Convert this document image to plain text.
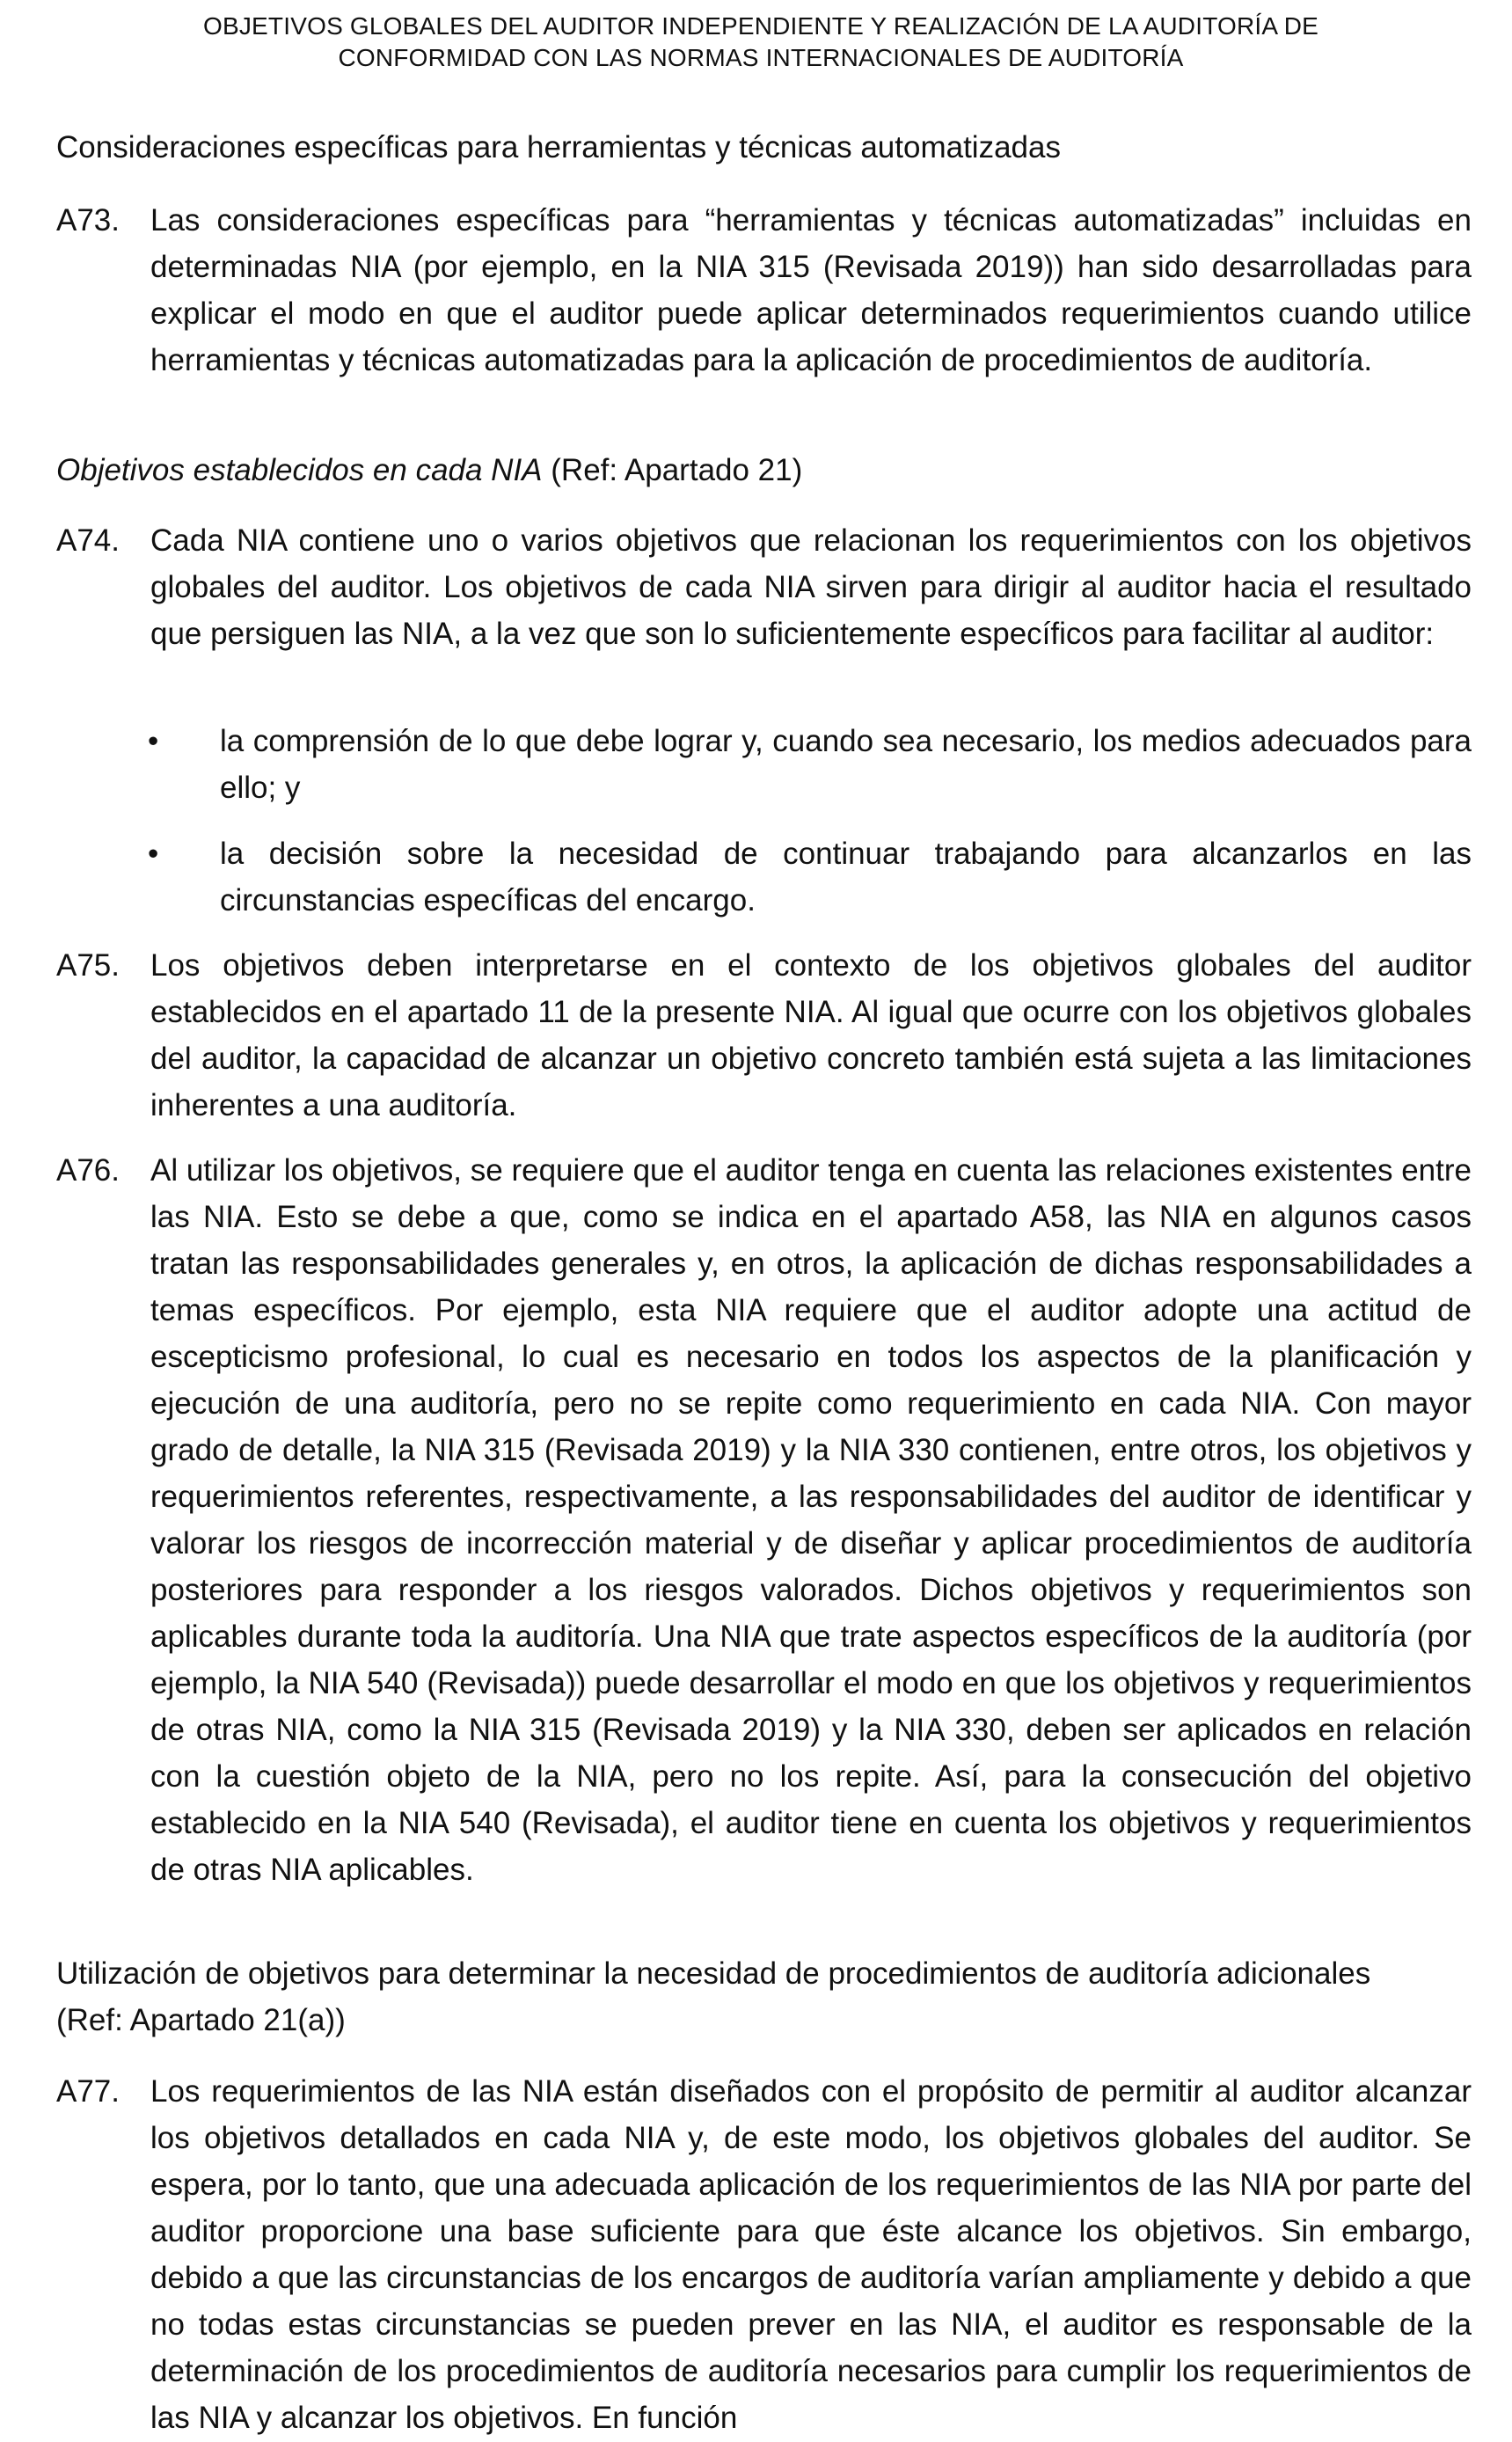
OBJETIVOS GLOBALES DEL AUDITOR INDEPENDIENTE Y REALIZACIÓN DE LA AUDITORÍA DE
CONFORMIDAD CON LAS NORMAS INTERNACIONALES DE AUDITORÍA
Consideraciones específicas para herramientas y técnicas automatizadas
A73. Las consideraciones específicas para “herramientas y técnicas automatizadas” incluidas en determinadas NIA (por ejemplo, en la NIA 315 (Revisada 2019)) han sido desarrolladas para explicar el modo en que el auditor puede aplicar determinados requerimientos cuando utilice herramientas y técnicas automatizadas para la aplicación de procedimientos de auditoría.
Objetivos establecidos en cada NIA (Ref: Apartado 21)
A74. Cada NIA contiene uno o varios objetivos que relacionan los requerimientos con los objetivos globales del auditor. Los objetivos de cada NIA sirven para dirigir al auditor hacia el resultado que persiguen las NIA, a la vez que son lo suficientemente específicos para facilitar al auditor:
• la comprensión de lo que debe lograr y, cuando sea necesario, los medios adecuados para ello; y
• la decisión sobre la necesidad de continuar trabajando para alcanzarlos en las circunstancias específicas del encargo.
A75. Los objetivos deben interpretarse en el contexto de los objetivos globales del auditor establecidos en el apartado 11 de la presente NIA. Al igual que ocurre con los objetivos globales del auditor, la capacidad de alcanzar un objetivo concreto también está sujeta a las limitaciones inherentes a una auditoría.
A76. Al utilizar los objetivos, se requiere que el auditor tenga en cuenta las relaciones existentes entre las NIA. Esto se debe a que, como se indica en el apartado A58, las NIA en algunos casos tratan las responsabilidades generales y, en otros, la aplicación de dichas responsabilidades a temas específicos. Por ejemplo, esta NIA requiere que el auditor adopte una actitud de escepticismo profesional, lo cual es necesario en todos los aspectos de la planificación y ejecución de una auditoría, pero no se repite como requerimiento en cada NIA. Con mayor grado de detalle, la NIA 315 (Revisada 2019) y la NIA 330 contienen, entre otros, los objetivos y requerimientos referentes, respectivamente, a las responsabilidades del auditor de identificar y valorar los riesgos de incorrección material y de diseñar y aplicar procedimientos de auditoría posteriores para responder a los riesgos valorados. Dichos objetivos y requerimientos son aplicables durante toda la auditoría. Una NIA que trate aspectos específicos de la auditoría (por ejemplo, la NIA 540 (Revisada)) puede desarrollar el modo en que los objetivos y requerimientos de otras NIA, como la NIA 315 (Revisada 2019) y la NIA 330, deben ser aplicados en relación con la cuestión objeto de la NIA, pero no los repite. Así, para la consecución del objetivo establecido en la NIA 540 (Revisada), el auditor tiene en cuenta los objetivos y requerimientos de otras NIA aplicables.
Utilización de objetivos para determinar la necesidad de procedimientos de auditoría adicionales
(Ref: Apartado 21(a))
A77. Los requerimientos de las NIA están diseñados con el propósito de permitir al auditor alcanzar los objetivos detallados en cada NIA y, de este modo, los objetivos globales del auditor. Se espera, por lo tanto, que una adecuada aplicación de los requerimientos de las NIA por parte del auditor proporcione una base suficiente para que éste alcance los objetivos. Sin embargo, debido a que las circunstancias de los encargos de auditoría varían ampliamente y debido a que no todas estas circunstancias se pueden prever en las NIA, el auditor es responsable de la determinación de los procedimientos de auditoría necesarios para cumplir los requerimientos de las NIA y alcanzar los objetivos. En función
